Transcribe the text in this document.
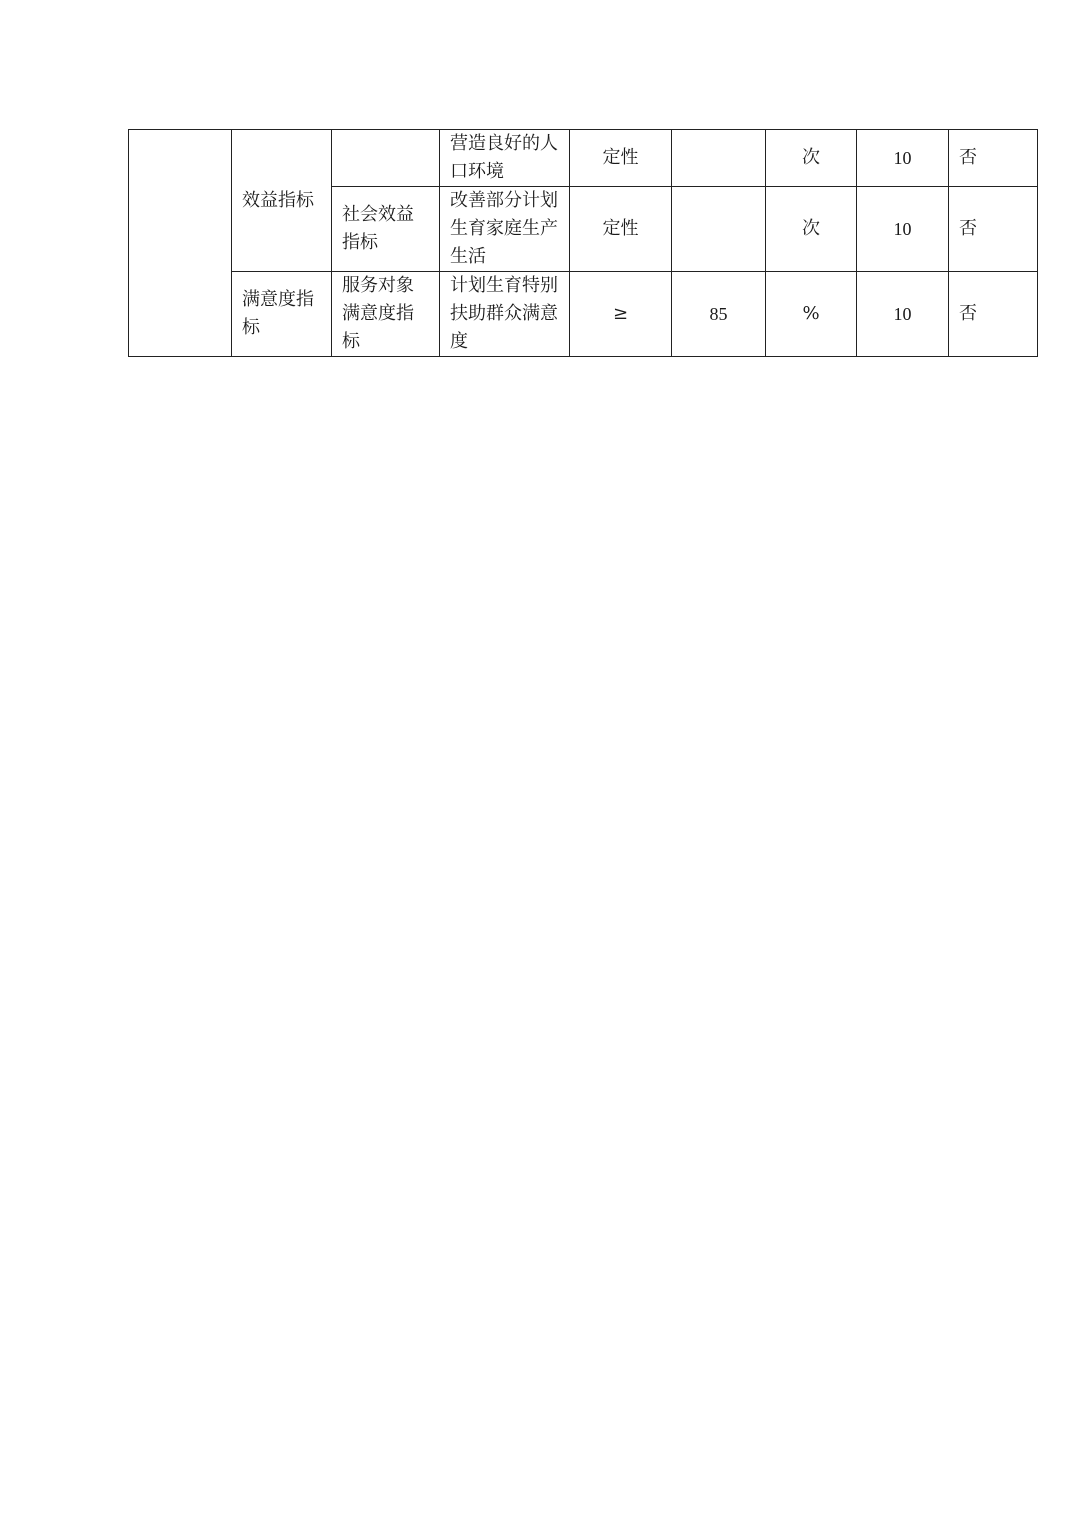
	效益指标		营造良好的人口环境	定性		次	10	否
		社会效益指标	改善部分计划生育家庭生产生活	定性		次	10	否
	满意度指标	服务对象满意度指标	计划生育特别扶助群众满意度	≥	85	%	10	否
